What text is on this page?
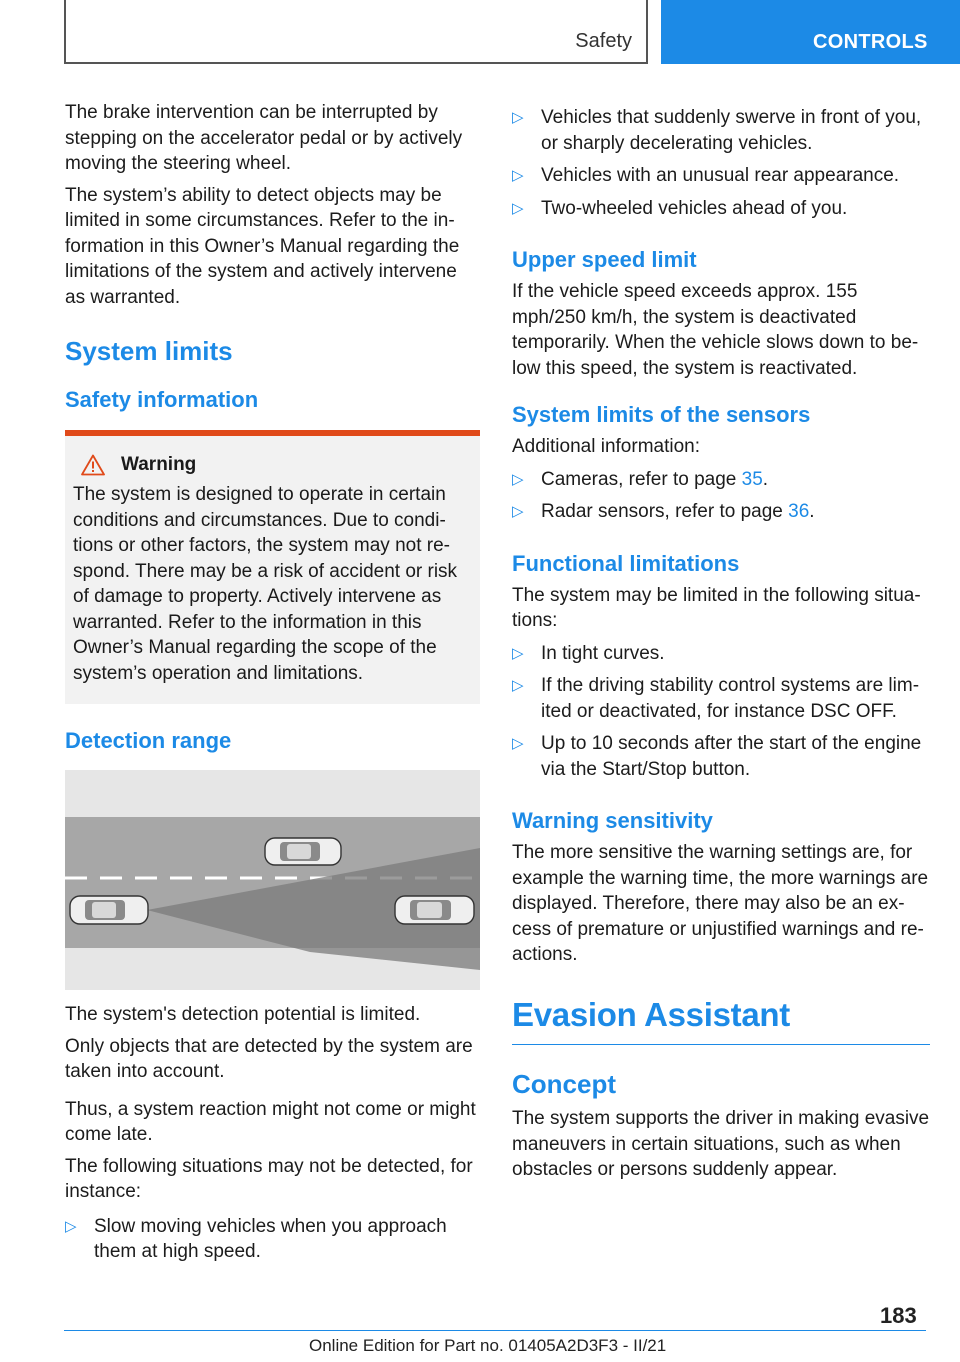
Safety	CONTROLS

The brake intervention can be interrupted by stepping on the accelerator pedal or by actively moving the steering wheel.

The system’s ability to detect objects may be limited in some circumstances. Refer to the information in this Owner’s Manual regarding the limitations of the system and actively intervene as warranted.

System limits
Safety information
Warning

The system is designed to operate in certain conditions and circumstances. Due to conditions or other factors, the system may not respond. There may be a risk of accident or risk of damage to property. Actively intervene as warranted. Refer to the information in this Owner’s Manual regarding the scope of the system’s operation and limitations.

Detection range

The system's detection potential is limited.

Only objects that are detected by the system are taken into account.

Thus, a system reaction might not come or might come late.

The following situations may not be detected, for instance:

▷ Slow moving vehicles when you approach them at high speed.
▷ Vehicles that suddenly swerve in front of you, or sharply decelerating vehicles.
▷ Vehicles with an unusual rear appearance.
▷ Two-wheeled vehicles ahead of you.
Upper speed limit

If the vehicle speed exceeds approx. 155 mph/250 km/h, the system is deactivated temporarily. When the vehicle slows down to below this speed, the system is reactivated.

System limits of the sensors

Additional information:

▷ Cameras, refer to page 35.
▷ Radar sensors, refer to page 36.
Functional limitations

The system may be limited in the following situations:

▷ In tight curves.
▷ If the driving stability control systems are limited or deactivated, for instance DSC OFF.
▷ Up to 10 seconds after the start of the engine via the Start/Stop button.
Warning sensitivity

The more sensitive the warning settings are, for example the warning time, the more warnings are displayed. Therefore, there may also be an excess of premature or unjustified warnings and reactions.

Evasion Assistant
Concept

The system supports the driver in making evasive maneuvers in certain situations, such as when obstacles or persons suddenly appear.

183
Online Edition for Part no. 01405A2D3F3 - II/21
